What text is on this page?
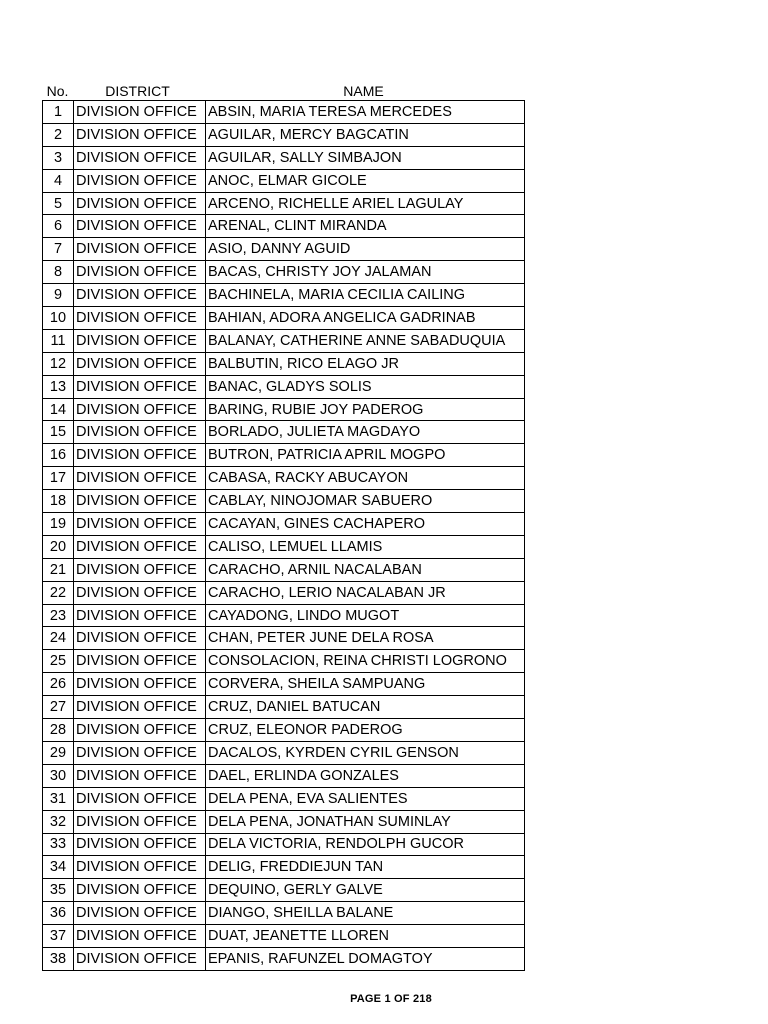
No.	DISTRICT	NAME
1	DIVISION OFFICE	ABSIN, MARIA TERESA MERCEDES
2	DIVISION OFFICE	AGUILAR, MERCY BAGCATIN
3	DIVISION OFFICE	AGUILAR, SALLY SIMBAJON
4	DIVISION OFFICE	ANOC, ELMAR GICOLE
5	DIVISION OFFICE	ARCENO, RICHELLE ARIEL LAGULAY
6	DIVISION OFFICE	ARENAL, CLINT MIRANDA
7	DIVISION OFFICE	ASIO, DANNY AGUID
8	DIVISION OFFICE	BACAS, CHRISTY JOY JALAMAN
9	DIVISION OFFICE	BACHINELA, MARIA CECILIA CAILING
10	DIVISION OFFICE	BAHIAN, ADORA ANGELICA GADRINAB
11	DIVISION OFFICE	BALANAY, CATHERINE ANNE SABADUQUIA
12	DIVISION OFFICE	BALBUTIN, RICO ELAGO JR
13	DIVISION OFFICE	BANAC, GLADYS SOLIS
14	DIVISION OFFICE	BARING, RUBIE JOY PADEROG
15	DIVISION OFFICE	BORLADO, JULIETA MAGDAYO
16	DIVISION OFFICE	BUTRON, PATRICIA APRIL MOGPO
17	DIVISION OFFICE	CABASA, RACKY ABUCAYON
18	DIVISION OFFICE	CABLAY, NINOJOMAR SABUERO
19	DIVISION OFFICE	CACAYAN, GINES CACHAPERO
20	DIVISION OFFICE	CALISO, LEMUEL LLAMIS
21	DIVISION OFFICE	CARACHO, ARNIL NACALABAN
22	DIVISION OFFICE	CARACHO, LERIO NACALABAN JR
23	DIVISION OFFICE	CAYADONG, LINDO MUGOT
24	DIVISION OFFICE	CHAN, PETER JUNE DELA ROSA
25	DIVISION OFFICE	CONSOLACION, REINA CHRISTI LOGRONO
26	DIVISION OFFICE	CORVERA, SHEILA SAMPUANG
27	DIVISION OFFICE	CRUZ, DANIEL BATUCAN
28	DIVISION OFFICE	CRUZ, ELEONOR PADEROG
29	DIVISION OFFICE	DACALOS, KYRDEN CYRIL GENSON
30	DIVISION OFFICE	DAEL, ERLINDA GONZALES
31	DIVISION OFFICE	DELA PENA, EVA SALIENTES
32	DIVISION OFFICE	DELA PENA, JONATHAN SUMINLAY
33	DIVISION OFFICE	DELA VICTORIA, RENDOLPH GUCOR
34	DIVISION OFFICE	DELIG, FREDDIEJUN TAN
35	DIVISION OFFICE	DEQUINO, GERLY GALVE
36	DIVISION OFFICE	DIANGO, SHEILLA BALANE
37	DIVISION OFFICE	DUAT, JEANETTE LLOREN
38	DIVISION OFFICE	EPANIS, RAFUNZEL DOMAGTOY
PAGE 1 OF 218
